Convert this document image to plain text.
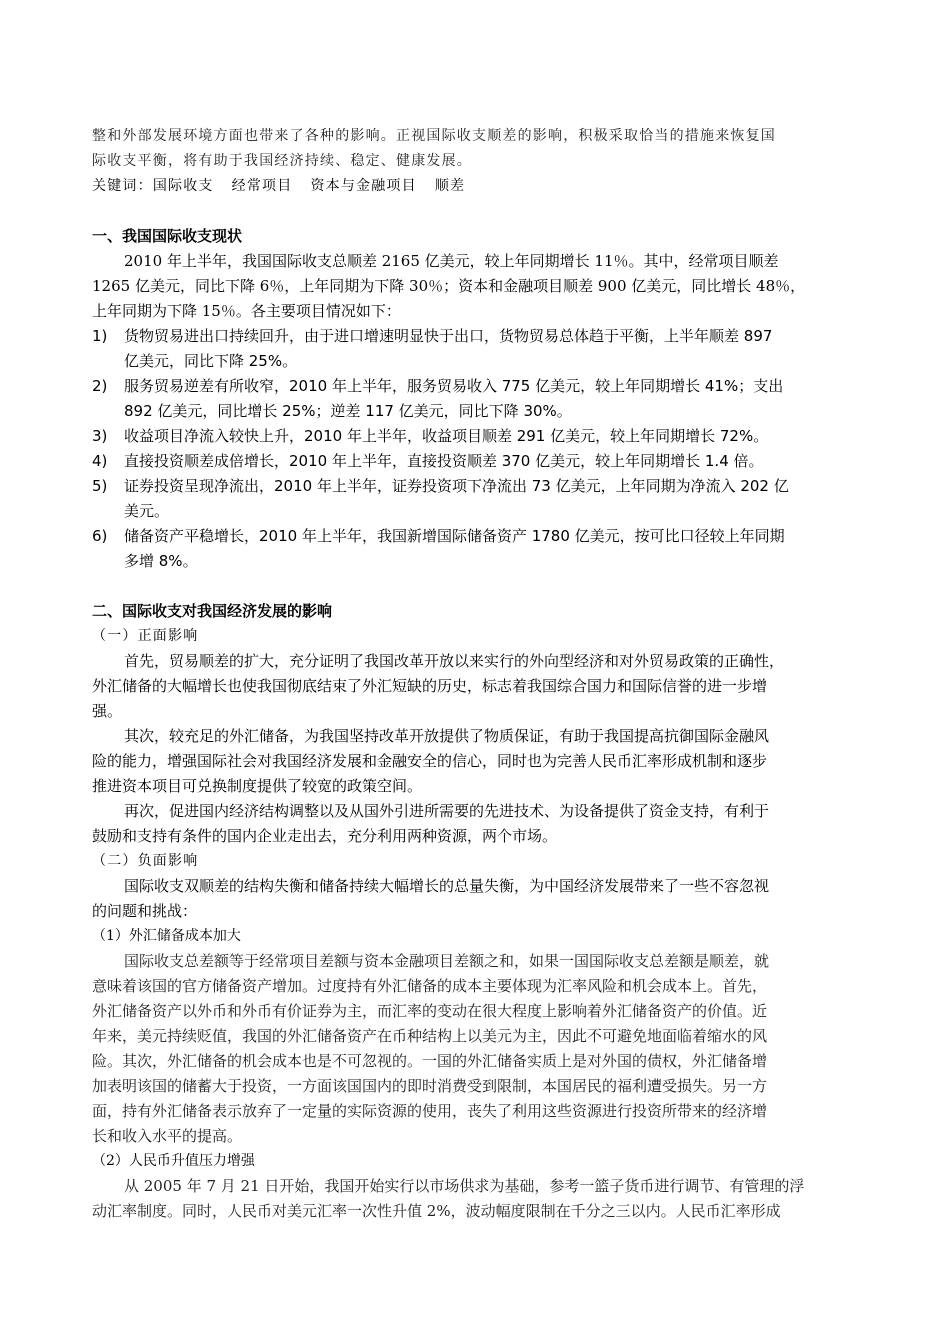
整和外部发展环境方面也带来了各种的影响。正视国际收支顺差的影响，积极采取恰当的措施来恢复国
际收支平衡，将有助于我国经济持续、稳定、健康发展。
关键词：国际收支 经常项目 资本与金融项目 顺差
一、我国国际收支现状
2010 年上半年，我国国际收支总顺差 2165 亿美元，较上年同期增长 11％。其中，经常项目顺差
1265 亿美元，同比下降 6％，上年同期为下降 30％；资本和金融项目顺差 900 亿美元，同比增长 48％，
上年同期为下降 15％。各主要项目情况如下：
1)	货物贸易进出口持续回升，由于进口增速明显快于出口，货物贸易总体趋于平衡，上半年顺差 897
亿美元，同比下降 25%。
2)	服务贸易逆差有所收窄，2010 年上半年，服务贸易收入 775 亿美元，较上年同期增长 41%；支出
892 亿美元，同比增长 25%；逆差 117 亿美元，同比下降 30%。
3)	收益项目净流入较快上升，2010 年上半年，收益项目顺差 291 亿美元，较上年同期增长 72%。
4)	直接投资顺差成倍增长，2010 年上半年，直接投资顺差 370 亿美元，较上年同期增长 1.4 倍。
5)	证券投资呈现净流出，2010 年上半年，证券投资项下净流出 73 亿美元，上年同期为净流入 202 亿
美元。
6)	储备资产平稳增长，2010 年上半年，我国新增国际储备资产 1780 亿美元，按可比口径较上年同期
多增 8%。
二、国际收支对我国经济发展的影响
（一）正面影响
首先，贸易顺差的扩大，充分证明了我国改革开放以来实行的外向型经济和对外贸易政策的正确性，
外汇储备的大幅增长也使我国彻底结束了外汇短缺的历史，标志着我国综合国力和国际信誉的进一步增
强。
其次，较充足的外汇储备，为我国坚持改革开放提供了物质保证，有助于我国提高抗御国际金融风
险的能力，增强国际社会对我国经济发展和金融安全的信心，同时也为完善人民币汇率形成机制和逐步
推进资本项目可兑换制度提供了较宽的政策空间。
再次，促进国内经济结构调整以及从国外引进所需要的先进技术、为设备提供了资金支持，有利于
鼓励和支持有条件的国内企业走出去，充分利用两种资源，两个市场。
（二）负面影响
国际收支双顺差的结构失衡和储备持续大幅增长的总量失衡，为中国经济发展带来了一些不容忽视
的问题和挑战：
（1）外汇储备成本加大
国际收支总差额等于经常项目差额与资本金融项目差额之和，如果一国国际收支总差额是顺差，就
意味着该国的官方储备资产增加。过度持有外汇储备的成本主要体现为汇率风险和机会成本上。首先，
外汇储备资产以外币和外币有价证券为主，而汇率的变动在很大程度上影响着外汇储备资产的价值。近
年来，美元持续贬值，我国的外汇储备资产在币种结构上以美元为主，因此不可避免地面临着缩水的风
险。其次，外汇储备的机会成本也是不可忽视的。一国的外汇储备实质上是对外国的债权，外汇储备增
加表明该国的储蓄大于投资，一方面该国国内的即时消费受到限制，本国居民的福利遭受损失。另一方
面，持有外汇储备表示放弃了一定量的实际资源的使用，丧失了利用这些资源进行投资所带来的经济增
长和收入水平的提高。
（2）人民币升值压力增强
从 2005 年 7 月 21 日开始，我国开始实行以市场供求为基础，参考一篮子货币进行调节、有管理的浮
动汇率制度。同时，人民币对美元汇率一次性升值 2%，波动幅度限制在千分之三以内。人民币汇率形成
